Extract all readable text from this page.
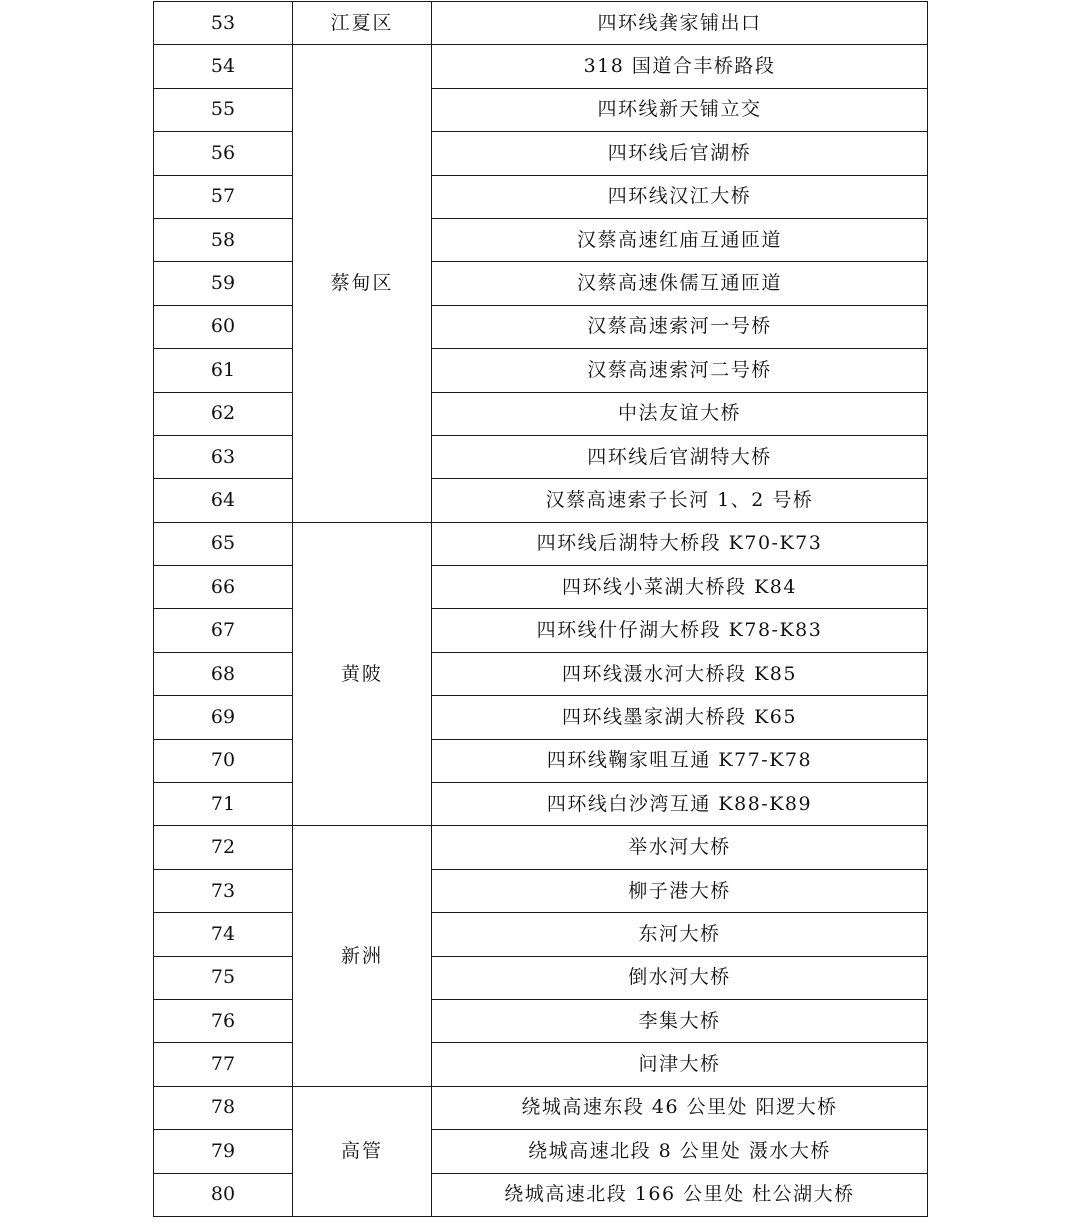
53	江夏区	四环线龚家铺出口
54	蔡甸区	318 国道合丰桥路段
55		四环线新天铺立交
56		四环线后官湖桥
57		四环线汉江大桥
58		汉蔡高速红庙互通匝道
59		汉蔡高速侏儒互通匝道
60		汉蔡高速索河一号桥
61		汉蔡高速索河二号桥
62		中法友谊大桥
63		四环线后官湖特大桥
64		汉蔡高速索子长河 1、2 号桥
65	黄陂	四环线后湖特大桥段 K70-K73
66		四环线小菜湖大桥段 K84
67		四环线什仔湖大桥段 K78-K83
68		四环线滠水河大桥段 K85
69		四环线墨家湖大桥段 K65
70		四环线鞠家咀互通 K77-K78
71		四环线白沙湾互通 K88-K89
72	新洲	举水河大桥
73		柳子港大桥
74		东河大桥
75		倒水河大桥
76		李集大桥
77		问津大桥
78	高管	绕城高速东段 46 公里处 阳逻大桥
79		绕城高速北段 8 公里处 滠水大桥
80		绕城高速北段 166 公里处 杜公湖大桥
